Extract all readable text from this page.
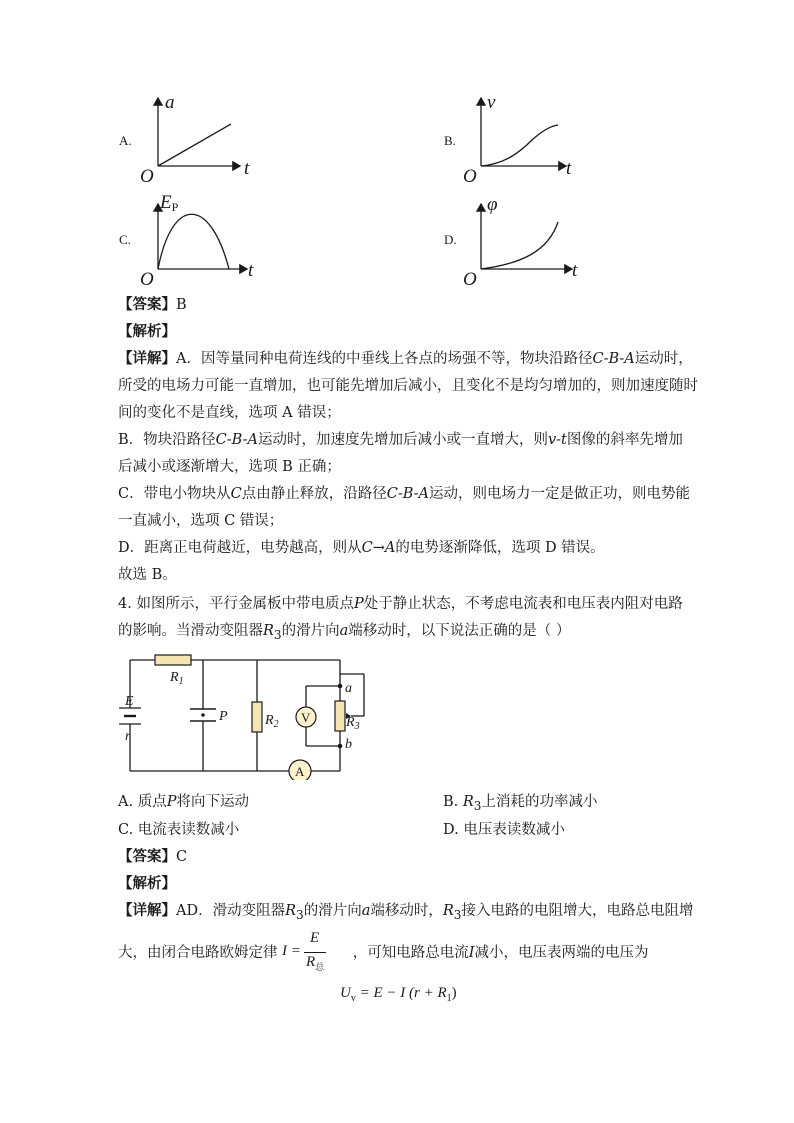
a
t
O
v
t
O
EP
t
O
φ
t
O
A.	B.
C.	D.
【答案】B
【解析】
【详解】A．因等量同种电荷连线的中垂线上各点的场强不等，物块沿路径C-B-A运动时，
所受的电场力可能一直增加，也可能先增加后减小，且变化不是均匀增加的，则加速度随时
间的变化不是直线，选项 A 错误；
B．物块沿路径C-B-A运动时，加速度先增加后减小或一直增大，则v-t图像的斜率先增加
后减小或逐渐增大，选项 B 正确；
C．带电小物块从C点由静止释放，沿路径C-B-A运动，则电场力一定是做正功，则电势能
一直减小，选项 C 错误；
D．距离正电荷越近，电势越高，则从C→A的电势逐渐降低，选项 D 错误。
故选 B。
4. 如图所示，平行金属板中带电质点P处于静止状态，不考虑电流表和电压表内阻对电路
的影响。当滑动变阻器$R_3$的滑片向a端移动时，以下说法正确的是（ ）
V
A
E
r
$R_1$
P	$R_2$	$R_3$
a
b
A. 质点P将向下运动	B. $R_3$上消耗的功率减小
C. 电流表读数减小	D. 电压表读数减小
【答案】C
【解析】
【详解】AD．滑动变阻器$R_3$的滑片向a端移动时，$R_3$接入电路的电阻增大，电路总电阻增
大，由闭合电路欧姆定律	，可知电路总电流I减小，电压表两端的电压为
I =
E
$R_总$
$U_v = E - I$ $(r + R_1)$
